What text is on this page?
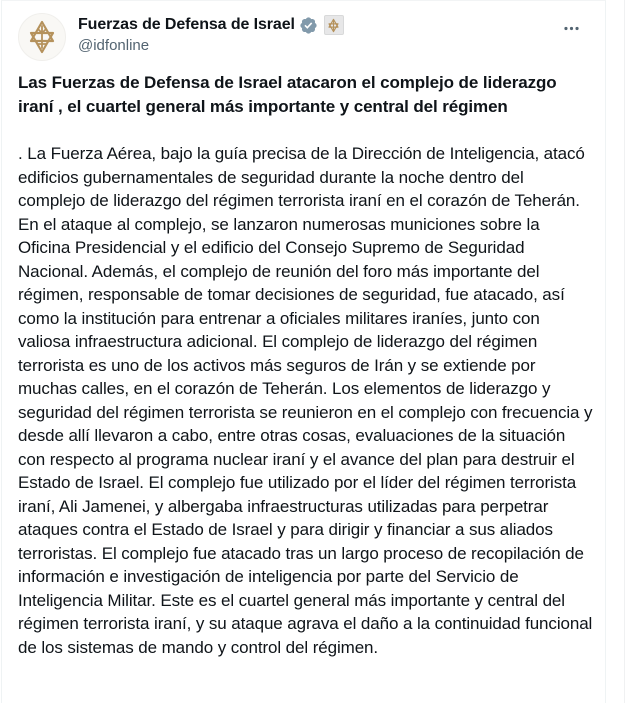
Fuerzas de Defensa de Israel
@idfonline

Las Fuerzas de Defensa de Israel atacaron el complejo de liderazgo iraní , el cuartel general más importante y central del régimen

. La Fuerza Aérea, bajo la guía precisa de la Dirección de Inteligencia, atacó edificios gubernamentales de seguridad durante la noche dentro del complejo de liderazgo del régimen terrorista iraní en el corazón de Teherán. En el ataque al complejo, se lanzaron numerosas municiones sobre la Oficina Presidencial y el edificio del Consejo Supremo de Seguridad Nacional. Además, el complejo de reunión del foro más importante del régimen, responsable de tomar decisiones de seguridad, fue atacado, así como la institución para entrenar a oficiales militares iraníes, junto con valiosa infraestructura adicional. El complejo de liderazgo del régimen terrorista es uno de los activos más seguros de Irán y se extiende por muchas calles, en el corazón de Teherán. Los elementos de liderazgo y seguridad del régimen terrorista se reunieron en el complejo con frecuencia y desde allí llevaron a cabo, entre otras cosas, evaluaciones de la situación con respecto al programa nuclear iraní y el avance del plan para destruir el Estado de Israel. El complejo fue utilizado por el líder del régimen terrorista iraní, Ali Jamenei, y albergaba infraestructuras utilizadas para perpetrar ataques contra el Estado de Israel y para dirigir y financiar a sus aliados terroristas. El complejo fue atacado tras un largo proceso de recopilación de información e investigación de inteligencia por parte del Servicio de Inteligencia Militar. Este es el cuartel general más importante y central del régimen terrorista iraní, y su ataque agrava el daño a la continuidad funcional de los sistemas de mando y control del régimen.
